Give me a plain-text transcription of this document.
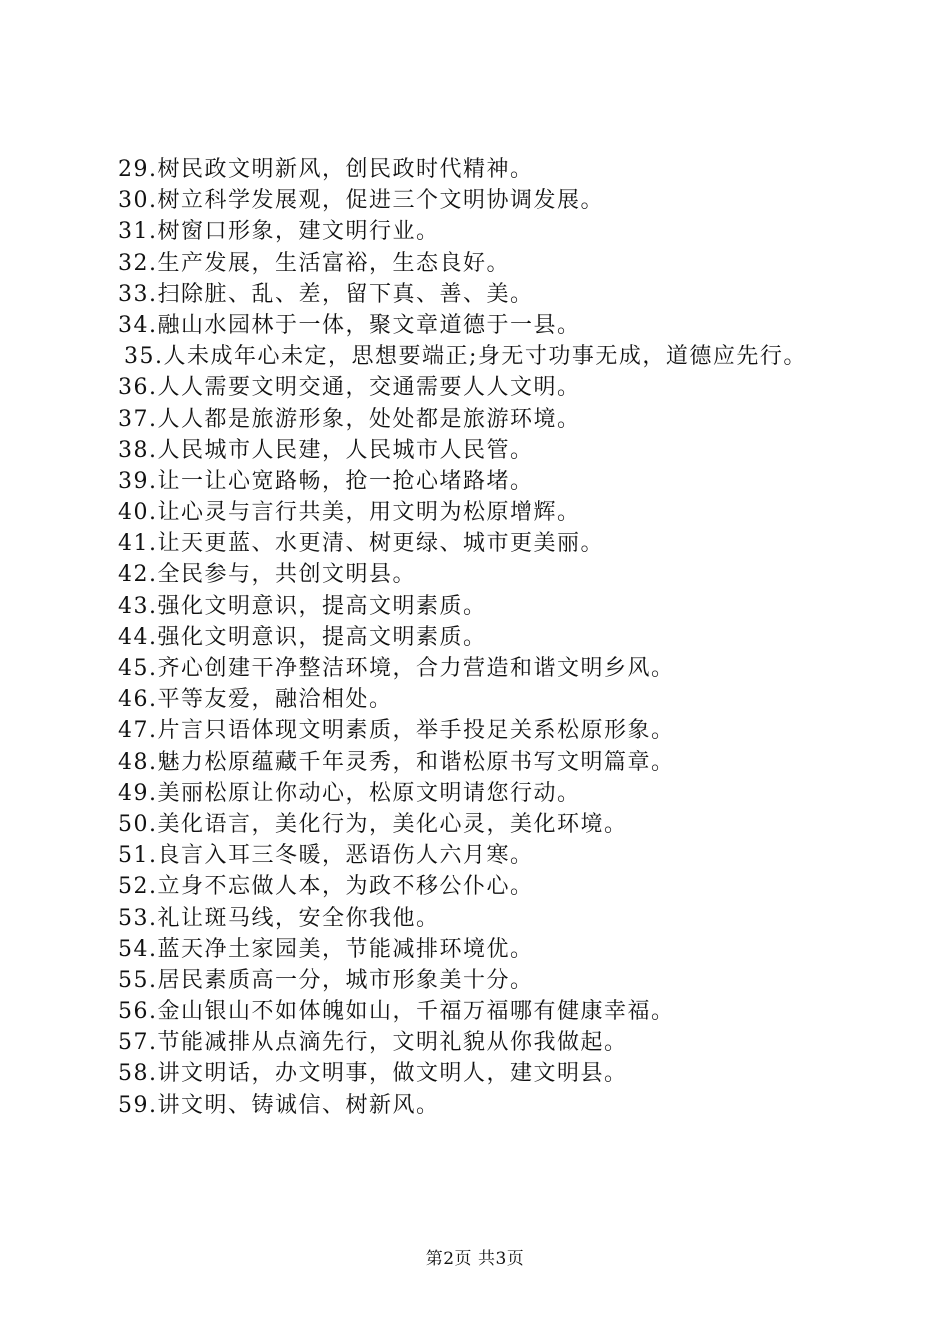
29.树民政文明新风，创民政时代精神。
30.树立科学发展观，促进三个文明协调发展。
31.树窗口形象，建文明行业。
32.生产发展，生活富裕，生态良好。
33.扫除脏、乱、差，留下真、善、美。
34.融山水园林于一体，聚文章道德于一县。
35.人未成年心未定，思想要端正;身无寸功事无成，道德应先行。
36.人人需要文明交通，交通需要人人文明。
37.人人都是旅游形象，处处都是旅游环境。
38.人民城市人民建，人民城市人民管。
39.让一让心宽路畅，抢一抢心堵路堵。
40.让心灵与言行共美，用文明为松原增辉。
41.让天更蓝、水更清、树更绿、城市更美丽。
42.全民参与，共创文明县。
43.强化文明意识，提高文明素质。
44.强化文明意识，提高文明素质。
45.齐心创建干净整洁环境，合力营造和谐文明乡风。
46.平等友爱，融洽相处。
47.片言只语体现文明素质，举手投足关系松原形象。
48.魅力松原蕴藏千年灵秀，和谐松原书写文明篇章。
49.美丽松原让你动心，松原文明请您行动。
50.美化语言，美化行为，美化心灵，美化环境。
51.良言入耳三冬暖，恶语伤人六月寒。
52.立身不忘做人本，为政不移公仆心。
53.礼让斑马线，安全你我他。
54.蓝天净土家园美，节能减排环境优。
55.居民素质高一分，城市形象美十分。
56.金山银山不如体魄如山，千福万福哪有健康幸福。
57.节能减排从点滴先行，文明礼貌从你我做起。
58.讲文明话，办文明事，做文明人，建文明县。
59.讲文明、铸诚信、树新风。
第2页 共3页
